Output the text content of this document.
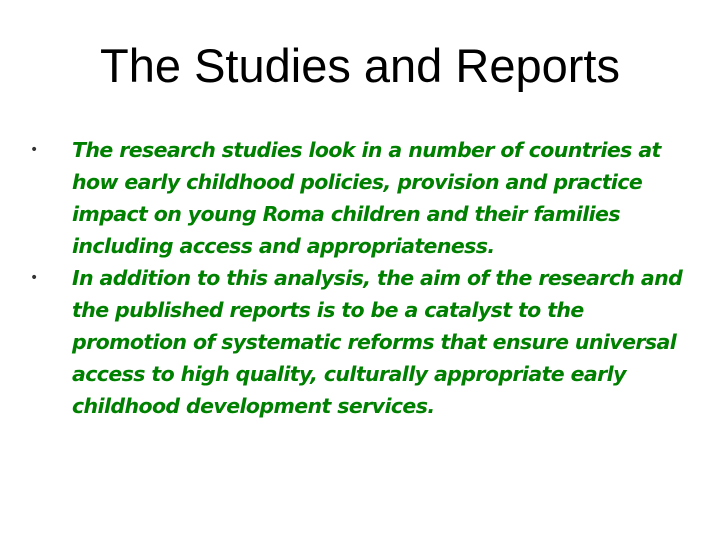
The Studies and Reports
• The research studies look in a number of countries at how early childhood policies, provision and practice impact on young Roma children and their families including access and appropriateness.
• In addition to this analysis, the aim of the research and the published reports is to be a catalyst to the promotion of systematic reforms that ensure universal access to high quality, culturally appropriate early childhood development services.
